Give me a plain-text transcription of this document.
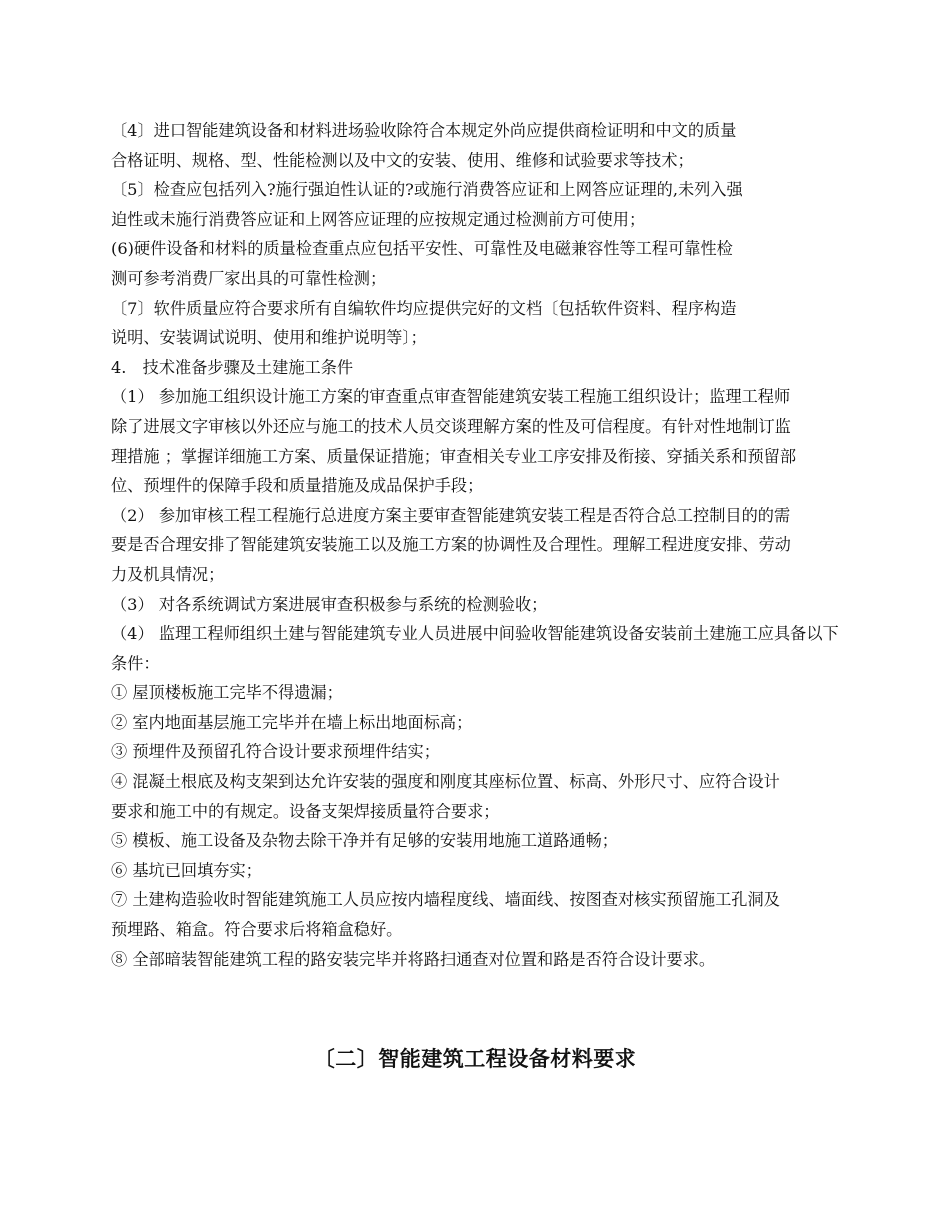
〔4〕进口智能建筑设备和材料进场验收除符合本规定外尚应提供商检证明和中文的质量
合格证明、规格、型、性能检测以及中文的安装、使用、维修和试验要求等技术；

〔5〕检查应包括列入?施行强迫性认证的?或施行消费答应证和上网答应证理的,未列入强
迫性或未施行消费答应证和上网答应证理的应按规定通过检测前方可使用；

(6)硬件设备和材料的质量检查重点应包括平安性、可靠性及电磁兼容性等工程可靠性检
测可参考消费厂家出具的可靠性检测；

〔7〕软件质量应符合要求所有自编软件均应提供完好的文档〔包括软件资料、程序构造
说明、安装调试说明、使用和维护说明等〕；

4.　技术准备步骤及土建施工条件

（1） 参加施工组织设计施工方案的审查重点审查智能建筑安装工程施工组织设计；监理工程师
除了进展文字审核以外还应与施工的技术人员交谈理解方案的性及可信程度。有针对性地制订监
理措施 ；掌握详细施工方案、质量保证措施；审查相关专业工序安排及衔接、穿插关系和预留部
位、预埋件的保障手段和质量措施及成品保护手段；

（2） 参加审核工程工程施行总进度方案主要审查智能建筑安装工程是否符合总工控制目的的需
要是否合理安排了智能建筑安装施工以及施工方案的协调性及合理性。理解工程进度安排、劳动
力及机具情况；

（3） 对各系统调试方案进展审查积极参与系统的检测验收；

（4） 监理工程师组织土建与智能建筑专业人员进展中间验收智能建筑设备安装前土建施工应具备以下
条件：

① 屋顶楼板施工完毕不得遗漏；

② 室内地面基层施工完毕并在墙上标出地面标高；

③ 预埋件及预留孔符合设计要求预埋件结实；

④ 混凝土根底及构支架到达允许安装的强度和刚度其座标位置、标高、外形尺寸、应符合设计
要求和施工中的有规定。设备支架焊接质量符合要求；

⑤ 模板、施工设备及杂物去除干净并有足够的安装用地施工道路通畅；

⑥ 基坑已回填夯实；

⑦ 土建构造验收时智能建筑施工人员应按内墙程度线、墙面线、按图查对核实预留施工孔洞及
预埋路、箱盒。符合要求后将箱盒稳好。

⑧ 全部暗装智能建筑工程的路安装完毕并将路扫通查对位置和路是否符合设计要求。

〔二〕智能建筑工程设备材料要求
